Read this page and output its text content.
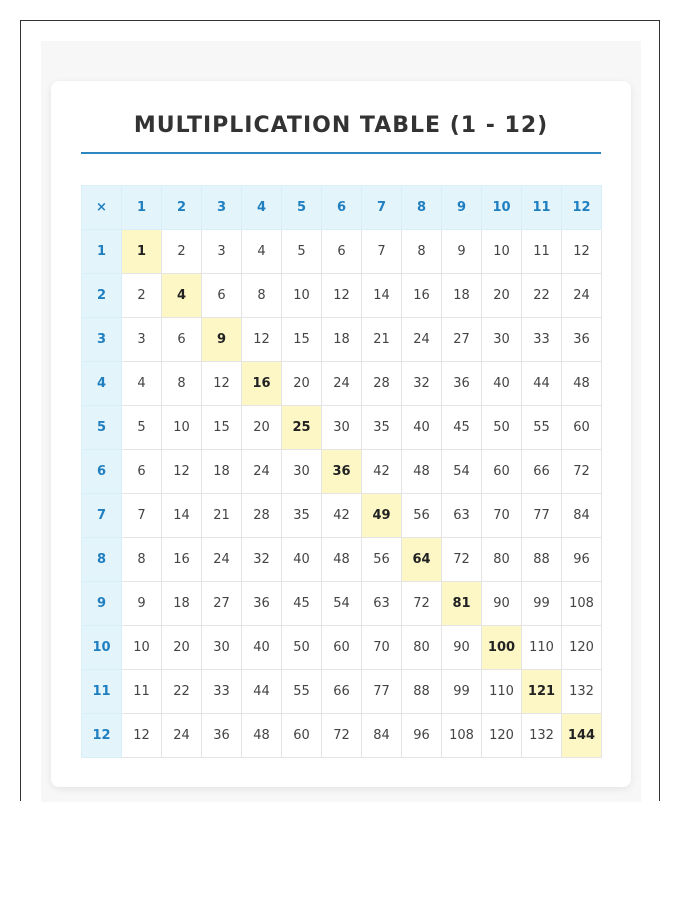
MULTIPLICATION TABLE (1 - 12)
×	1	2	3	4	5	6	7	8	9	10	11	12
1	1	2	3	4	5	6	7	8	9	10	11	12
2	2	4	6	8	10	12	14	16	18	20	22	24
3	3	6	9	12	15	18	21	24	27	30	33	36
4	4	8	12	16	20	24	28	32	36	40	44	48
5	5	10	15	20	25	30	35	40	45	50	55	60
6	6	12	18	24	30	36	42	48	54	60	66	72
7	7	14	21	28	35	42	49	56	63	70	77	84
8	8	16	24	32	40	48	56	64	72	80	88	96
9	9	18	27	36	45	54	63	72	81	90	99	108
10	10	20	30	40	50	60	70	80	90	100	110	120
11	11	22	33	44	55	66	77	88	99	110	121	132
12	12	24	36	48	60	72	84	96	108	120	132	144
